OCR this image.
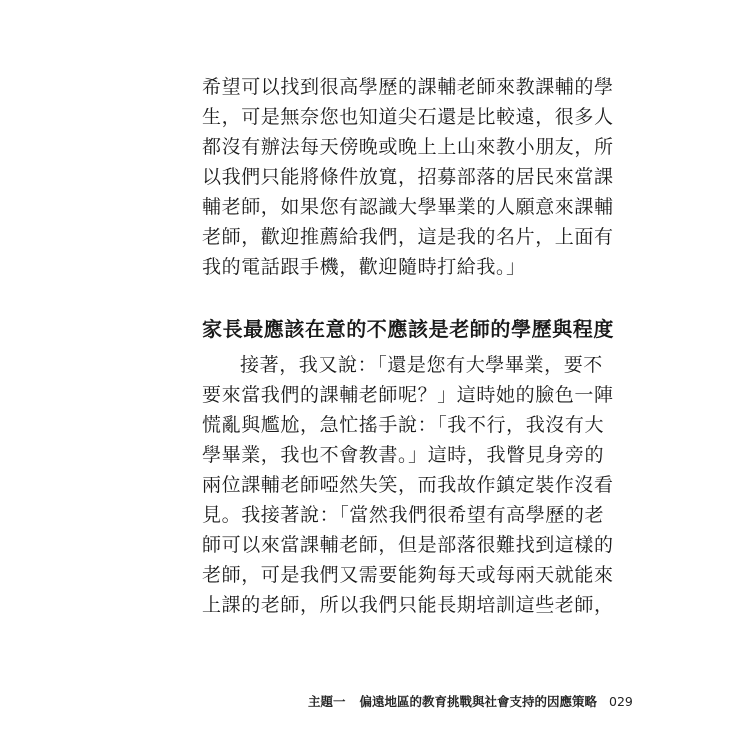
希望可以找到很高學歷的課輔老師來教課輔的學
生，可是無奈您也知道尖石還是比較遠，很多人
都沒有辦法每天傍晚或晚上上山來教小朋友，所
以我們只能將條件放寬，招募部落的居民來當課
輔老師，如果您有認識大學畢業的人願意來課輔
老師，歡迎推薦給我們，這是我的名片，上面有
我的電話跟手機，歡迎隨時打給我。」
家長最應該在意的不應該是老師的學歷與程度
接著，我又說：「還是您有大學畢業，要不
要來當我們的課輔老師呢？」這時她的臉色一陣
慌亂與尷尬，急忙搖手說：「我不行，我沒有大
學畢業，我也不會教書。」這時，我瞥見身旁的
兩位課輔老師啞然失笑，而我故作鎮定裝作沒看
見。我接著說：「當然我們很希望有高學歷的老
師可以來當課輔老師，但是部落很難找到這樣的
老師，可是我們又需要能夠每天或每兩天就能來
上課的老師，所以我們只能長期培訓這些老師，
主題一 偏遠地區的教育挑戰與社會支持的因應策略 029
